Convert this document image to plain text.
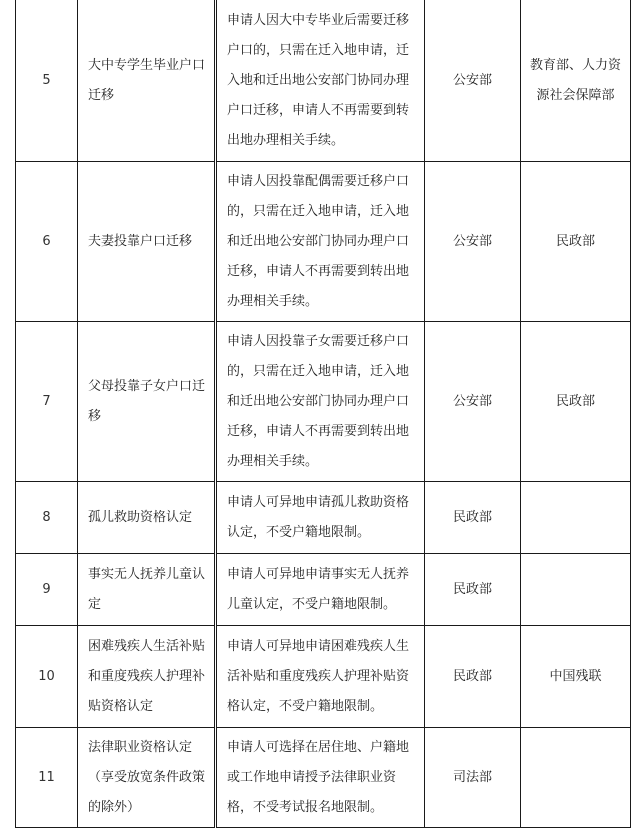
5	大中专学生毕业户口迁移	申请人因大中专毕业后需要迁移户口的，只需在迁入地申请，迁入地和迁出地公安部门协同办理户口迁移，申请人不再需要到转出地办理相关手续。	公安部	教育部、人力资源社会保障部
6	夫妻投靠户口迁移	申请人因投靠配偶需要迁移户口的，只需在迁入地申请，迁入地和迁出地公安部门协同办理户口迁移，申请人不再需要到转出地办理相关手续。	公安部	民政部
7	父母投靠子女户口迁移	申请人因投靠子女需要迁移户口的，只需在迁入地申请，迁入地和迁出地公安部门协同办理户口迁移，申请人不再需要到转出地办理相关手续。	公安部	民政部
8	孤儿救助资格认定	申请人可异地申请孤儿救助资格认定，不受户籍地限制。	民政部	
9	事实无人抚养儿童认定	申请人可异地申请事实无人抚养儿童认定，不受户籍地限制。	民政部	
10	困难残疾人生活补贴和重度残疾人护理补贴资格认定	申请人可异地申请困难残疾人生活补贴和重度残疾人护理补贴资格认定，不受户籍地限制。	民政部	中国残联
11	法律职业资格认定（享受放宽条件政策的除外）	申请人可选择在居住地、户籍地或工作地申请授予法律职业资格，不受考试报名地限制。	司法部	
